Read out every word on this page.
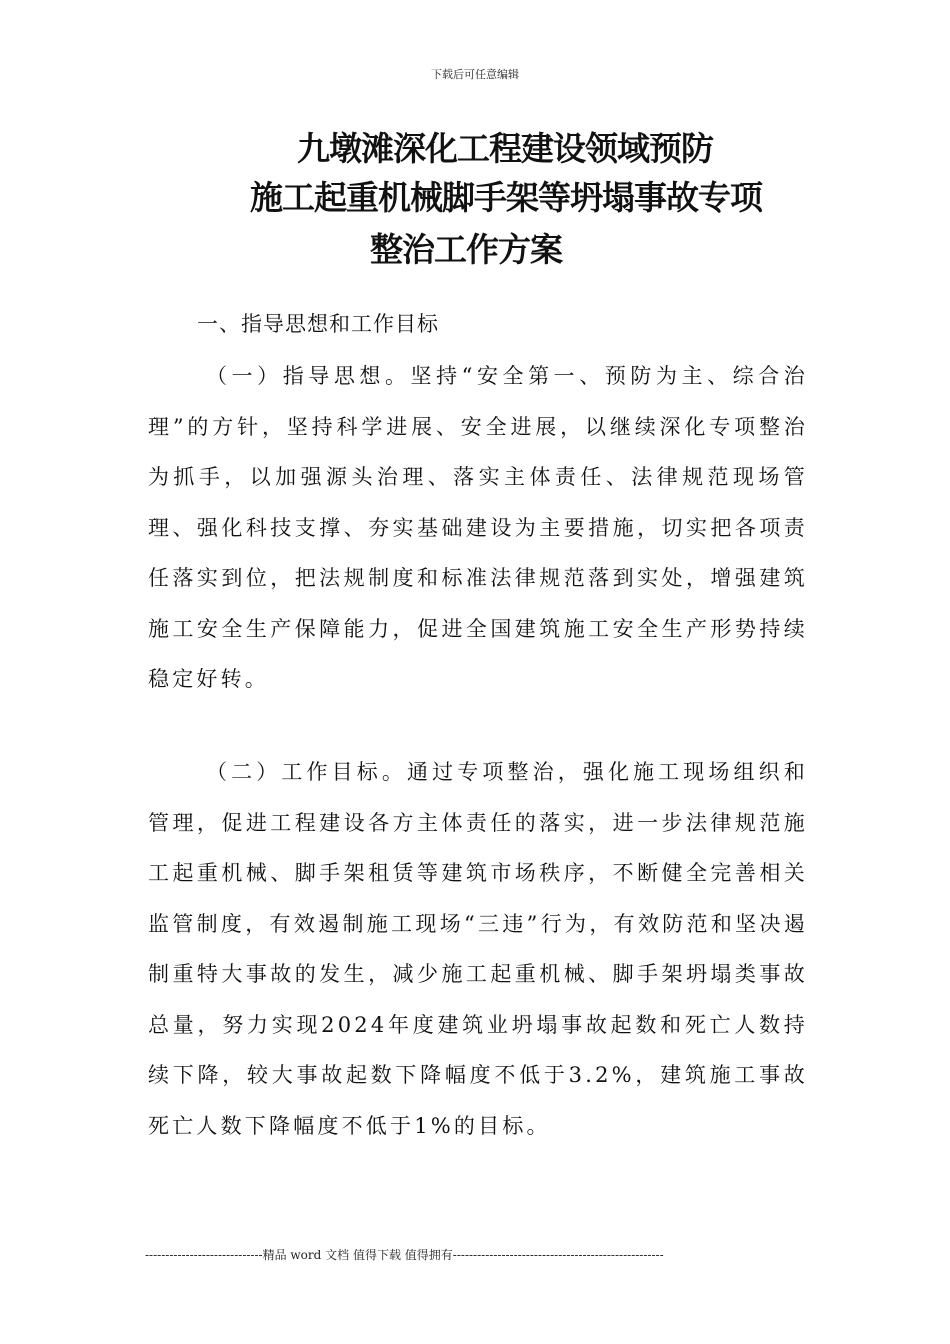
下载后可任意编辑
九墩滩深化工程建设领域预防
施工起重机械脚手架等坍塌事故专项
整治工作方案
一、指导思想和工作目标
（一）指导思想。坚持“安全第一、预防为主、综合治理”的方针，坚持科学进展、安全进展，以继续深化专项整治为抓手，以加强源头治理、落实主体责任、法律规范现场管理、强化科技支撑、夯实基础建设为主要措施，切实把各项责任落实到位，把法规制度和标准法律规范落到实处，增强建筑施工安全生产保障能力，促进全国建筑施工安全生产形势持续稳定好转。
（二）工作目标。通过专项整治，强化施工现场组织和管理，促进工程建设各方主体责任的落实，进一步法律规范施工起重机械、脚手架租赁等建筑市场秩序，不断健全完善相关监管制度，有效遏制施工现场“三违”行为，有效防范和坚决遏制重特大事故的发生，减少施工起重机械、脚手架坍塌类事故总量，努力实现2024年度建筑业坍塌事故起数和死亡人数持续下降，较大事故起数下降幅度不低于3.2%，建筑施工事故死亡人数下降幅度不低于1%的目标。
-----------------------------精品 word 文档 值得下载 值得拥有----------------------------------------------------
